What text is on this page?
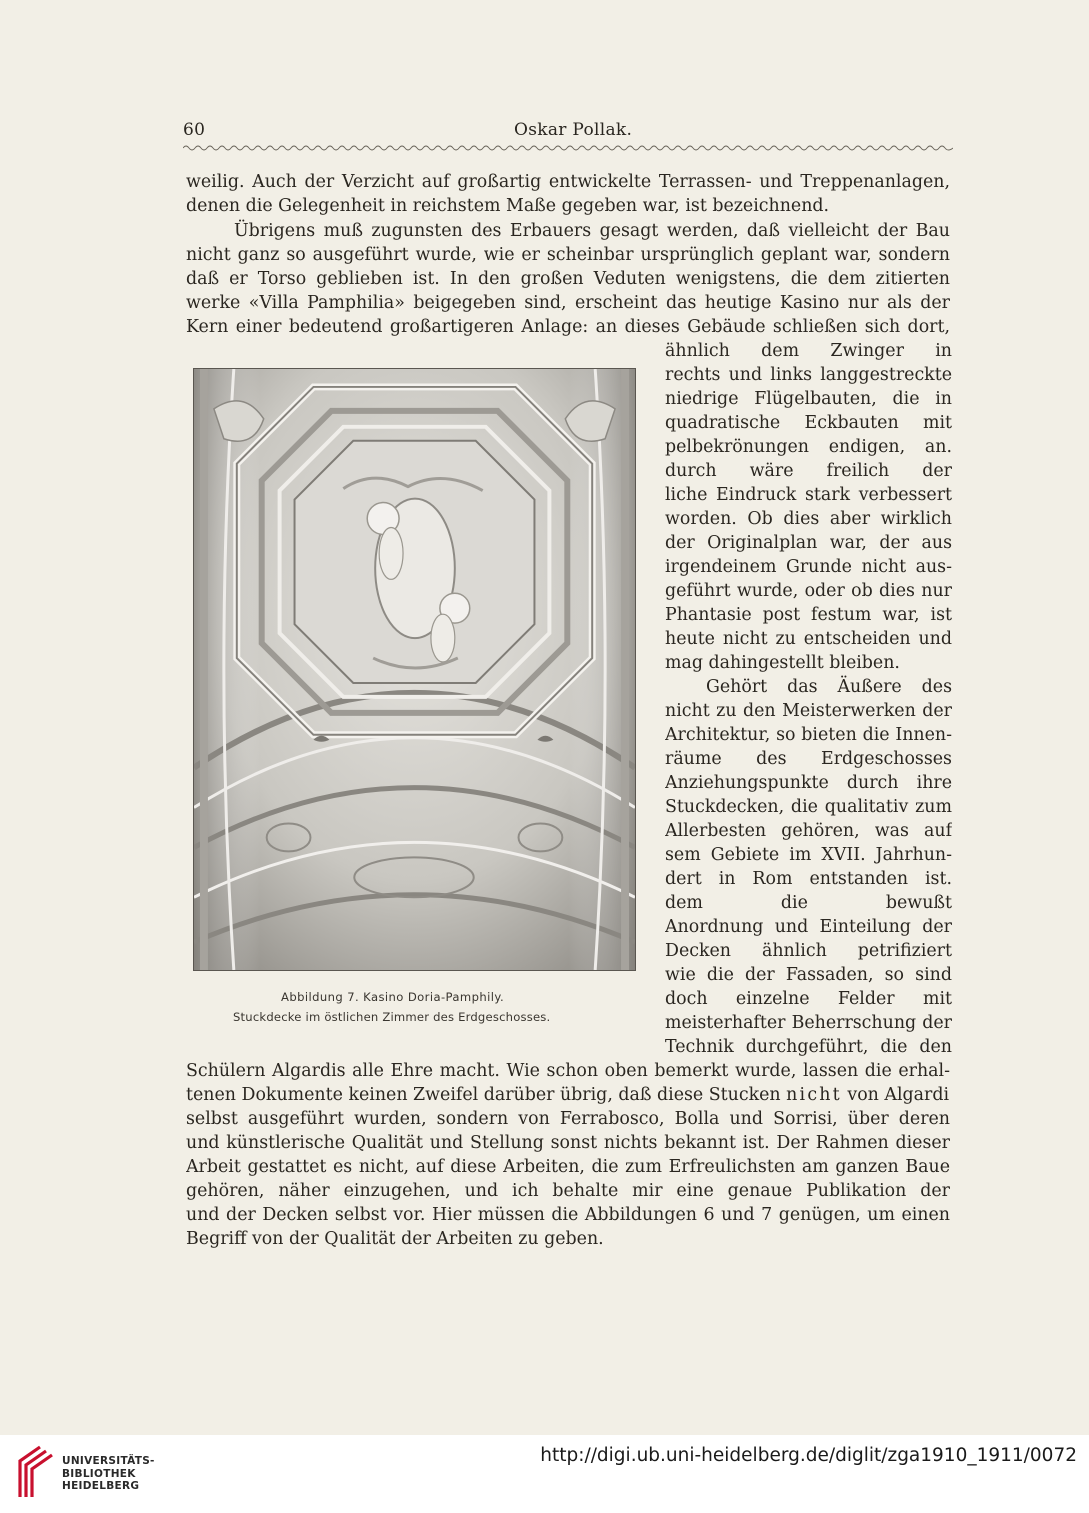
60	Oskar Pollak.
weilig. Auch der Verzicht auf großartig entwickelte Terrassen- und Treppenanlagen,
denen die Gelegenheit in reichstem Maße gegeben war, ist bezeichnend.
Übrigens muß zugunsten des Erbauers gesagt werden, daß vielleicht der Bau
nicht ganz so ausgeführt wurde, wie er scheinbar ursprünglich geplant war, sondern
daß er Torso geblieben ist. In den großen Veduten wenigstens, die dem zitierten
werke «Villa Pamphilia» beigegeben sind, erscheint das heutige Kasino nur als der
Kern einer bedeutend großartigeren Anlage: an dieses Gebäude schließen sich dort,
ähnlich dem Zwinger in
rechts und links langgestreckte
niedrige Flügelbauten, die in
quadratische Eckbauten mit
pelbekrönungen endigen, an.
durch wäre freilich der
liche Eindruck stark verbessert
worden. Ob dies aber wirklich
der Originalplan war, der aus
irgendeinem Grunde nicht aus-
geführt wurde, oder ob dies nur
Phantasie post festum war, ist
heute nicht zu entscheiden und
mag dahingestellt bleiben.
Gehört das Äußere des
nicht zu den Meisterwerken der
Architektur, so bieten die Innen-
räume des Erdgeschosses
Anziehungspunkte durch ihre
Stuckdecken, die qualitativ zum
Allerbesten gehören, was auf
sem Gebiete im XVII. Jahrhun-
dert in Rom entstanden ist.
dem die bewußt
Anordnung und Einteilung der
Decken ähnlich petrifiziert
wie die der Fassaden, so sind
doch einzelne Felder mit
meisterhafter Beherrschung der
Technik durchgeführt, die den
Schülern Algardis alle Ehre macht. Wie schon oben bemerkt wurde, lassen die erhal-
tenen Dokumente keinen Zweifel darüber übrig, daß diese Stucken nicht von Algardi
selbst ausgeführt wurden, sondern von Ferrabosco, Bolla und Sorrisi, über deren
und künstlerische Qualität und Stellung sonst nichts bekannt ist. Der Rahmen dieser
Arbeit gestattet es nicht, auf diese Arbeiten, die zum Erfreulichsten am ganzen Baue
gehören, näher einzugehen, und ich behalte mir eine genaue Publikation der
und der Decken selbst vor. Hier müssen die Abbildungen 6 und 7 genügen, um einen
Begriff von der Qualität der Arbeiten zu geben.
Abbildung 7. Kasino Doria-Pamphily.
Stuckdecke im östlichen Zimmer des Erdgeschosses.
UNIVERSITÄTS-
BIBLIOTHEK
HEIDELBERG
http://digi.ub.uni-heidelberg.de/diglit/zga1910_1911/0072
